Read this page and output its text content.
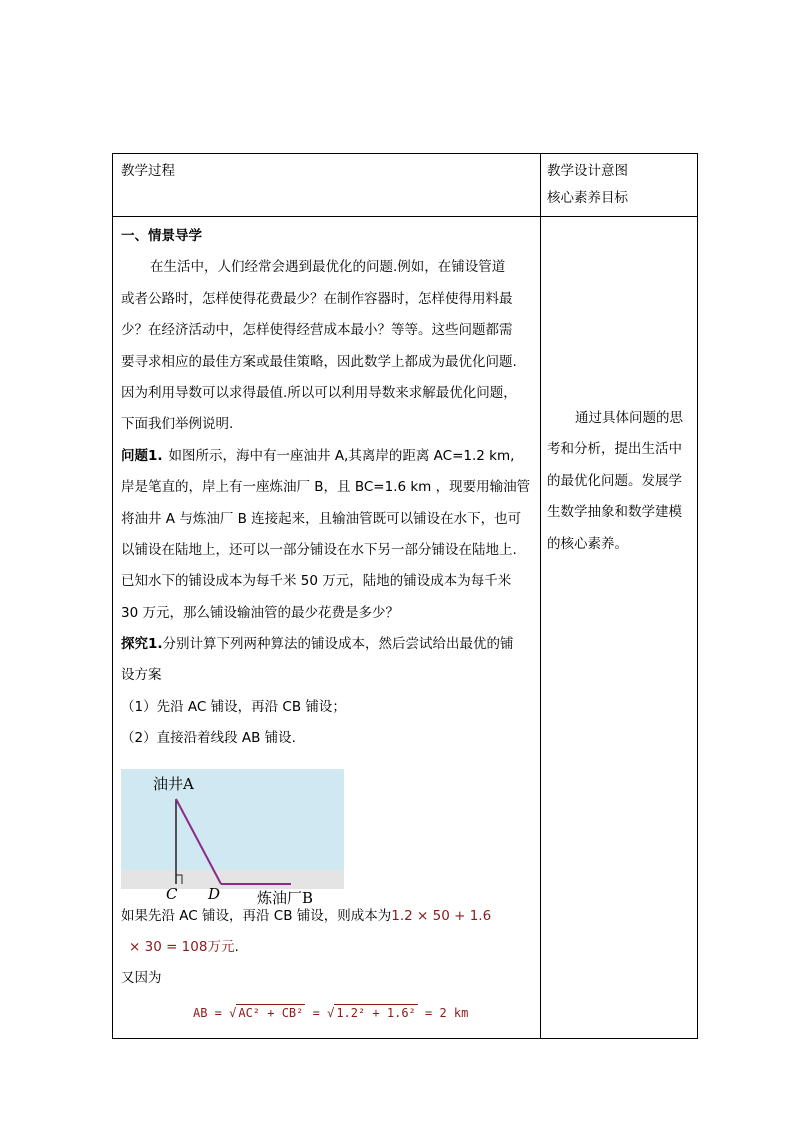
教学过程	教学设计意图
核心素养目标
一、情景导学
在生活中，人们经常会遇到最优化的问题.例如，在铺设管道
或者公路时，怎样使得花费最少？在制作容器时，怎样使得用料最
少？在经济活动中，怎样使得经营成本最小？等等。这些问题都需
要寻求相应的最佳方案或最佳策略，因此数学上都成为最优化问题.
因为利用导数可以求得最值.所以可以利用导数来求解最优化问题，
下面我们举例说明.
问题1. 如图所示，海中有一座油井 A,其离岸的距离 AC=1.2 km,
岸是笔直的，岸上有一座炼油厂 B，且 BC=1.6 km ，现要用输油管
将油井 A 与炼油厂 B 连接起来，且输油管既可以铺设在水下，也可
以铺设在陆地上，还可以一部分铺设在水下另一部分铺设在陆地上.
已知水下的铺设成本为每千米 50 万元，陆地的铺设成本为每千米
30 万元，那么铺设输油管的最少花费是多少？
探究1.分别计算下列两种算法的铺设成本，然后尝试给出最优的铺
设方案
（1）先沿 AC 铺设，再沿 CB 铺设；
（2）直接沿着线段 AB 铺设.
油井A
C D 炼油厂B
如果先沿 AC 铺设，再沿 CB 铺设，则成本为1.2 × 50 + 1.6
× 30 = 108万元.
又因为
AB = √ AC² + CB² = √ 1.2² + 1.6² = 2 km
通过具体问题的思
考和分析，提出生活中
的最优化问题。发展学
生数学抽象和数学建模
的核心素养。
